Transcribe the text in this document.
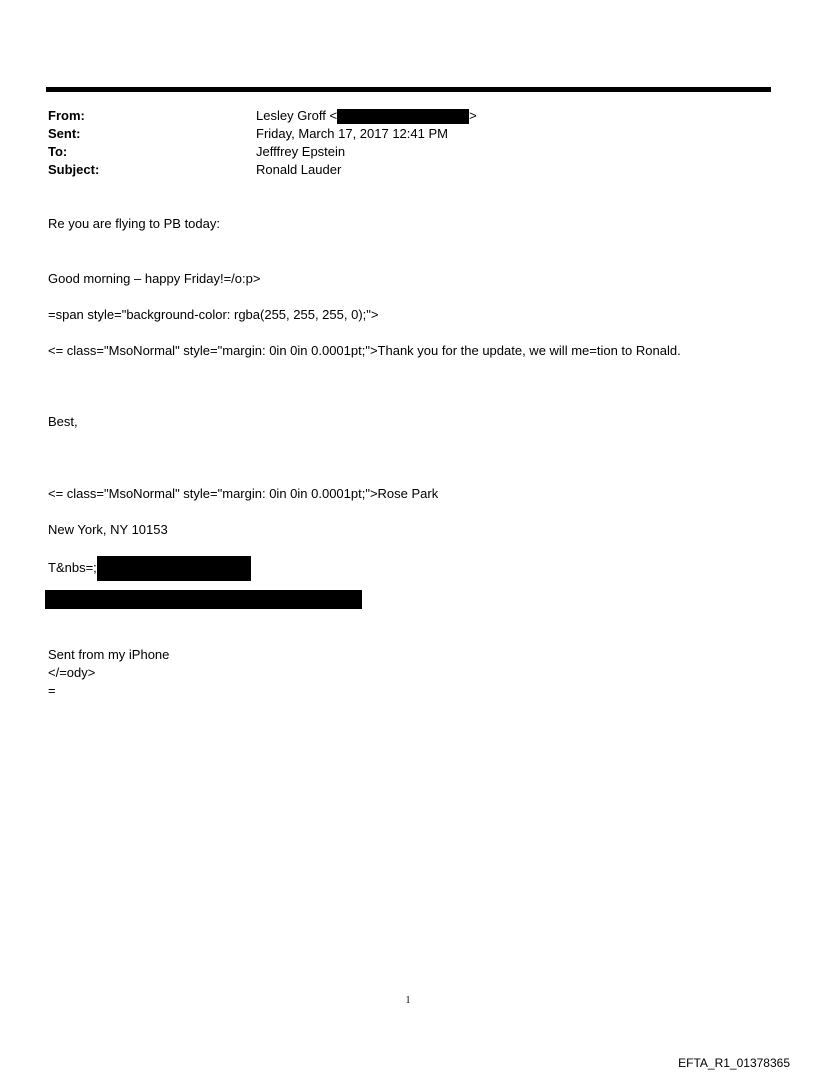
From:	Lesley Groff <	>
Sent:	Friday, March 17, 2017 12:41 PM
To:	Jefffrey Epstein
Subject:	Ronald Lauder
Re you are flying to PB today:
Good morning – happy Friday!=/o:p>
=span style="background-color: rgba(255, 255, 255, 0);">
<= class="MsoNormal" style="margin: 0in 0in 0.0001pt;">Thank you for the update, we will me=tion to Ronald.
Best,
<= class="MsoNormal" style="margin: 0in 0in 0.0001pt;">Rose Park
New York, NY 10153
T&nbs=;
Sent from my iPhone
</=ody>
=
1
EFTA_R1_01378365
